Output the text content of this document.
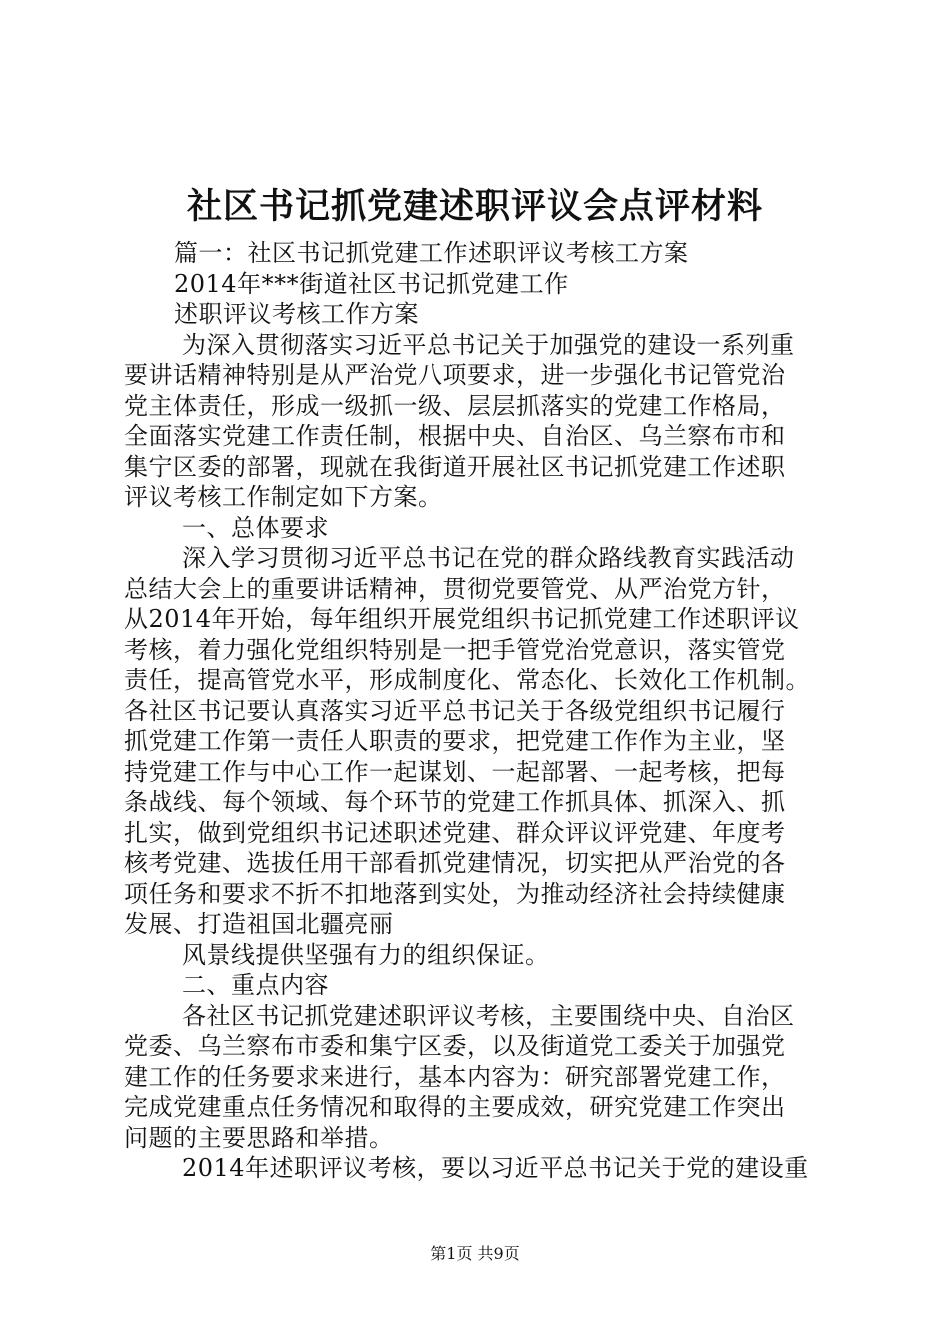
社区书记抓党建述职评议会点评材料
篇一：社区书记抓党建工作述职评议考核工方案
2014年***街道社区书记抓党建工作
述职评议考核工作方案
为深入贯彻落实习近平总书记关于加强党的建设一系列重
要讲话精神特别是从严治党八项要求，进一步强化书记管党治
党主体责任，形成一级抓一级、层层抓落实的党建工作格局，
全面落实党建工作责任制，根据中央、自治区、乌兰察布市和
集宁区委的部署，现就在我街道开展社区书记抓党建工作述职
评议考核工作制定如下方案。
一、总体要求
深入学习贯彻习近平总书记在党的群众路线教育实践活动
总结大会上的重要讲话精神，贯彻党要管党、从严治党方针，
从2014年开始，每年组织开展党组织书记抓党建工作述职评议
考核，着力强化党组织特别是一把手管党治党意识，落实管党
责任，提高管党水平，形成制度化、常态化、长效化工作机制。
各社区书记要认真落实习近平总书记关于各级党组织书记履行
抓党建工作第一责任人职责的要求，把党建工作作为主业，坚
持党建工作与中心工作一起谋划、一起部署、一起考核，把每
条战线、每个领域、每个环节的党建工作抓具体、抓深入、抓
扎实，做到党组织书记述职述党建、群众评议评党建、年度考
核考党建、选拔任用干部看抓党建情况，切实把从严治党的各
项任务和要求不折不扣地落到实处，为推动经济社会持续健康
发展、打造祖国北疆亮丽
风景线提供坚强有力的组织保证。
二、重点内容
各社区书记抓党建述职评议考核，主要围绕中央、自治区
党委、乌兰察布市委和集宁区委，以及街道党工委关于加强党
建工作的任务要求来进行，基本内容为：研究部署党建工作，
完成党建重点任务情况和取得的主要成效，研究党建工作突出
问题的主要思路和举措。
2014年述职评议考核，要以习近平总书记关于党的建设重
第1页 共9页
